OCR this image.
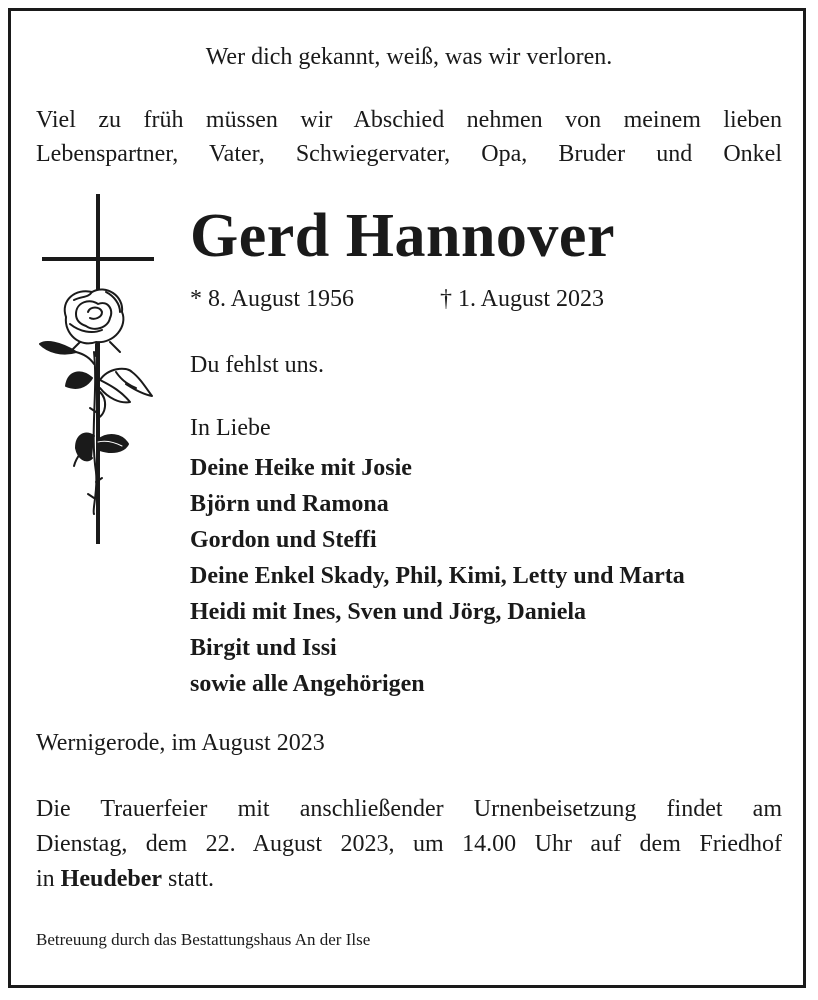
Wer dich gekannt, weiß, was wir verloren.
Viel zu früh müssen wir Abschied nehmen von meinem lieben
Lebenspartner, Vater, Schwiegervater, Opa, Bruder und Onkel
Gerd Hannover
* 8. August 1956	† 1. August 2023
Du fehlst uns.
In Liebe
Deine Heike mit Josie
Björn und Ramona
Gordon und Steffi
Deine Enkel Skady, Phil, Kimi, Letty und Marta
Heidi mit Ines, Sven und Jörg, Daniela
Birgit und Issi
sowie alle Angehörigen
Wernigerode, im August 2023
Die Trauerfeier mit anschließender Urnenbeisetzung findet am
Dienstag, dem 22. August 2023, um 14.00 Uhr auf dem Friedhof
in Heudeber statt.
Betreuung durch das Bestattungshaus An der Ilse
